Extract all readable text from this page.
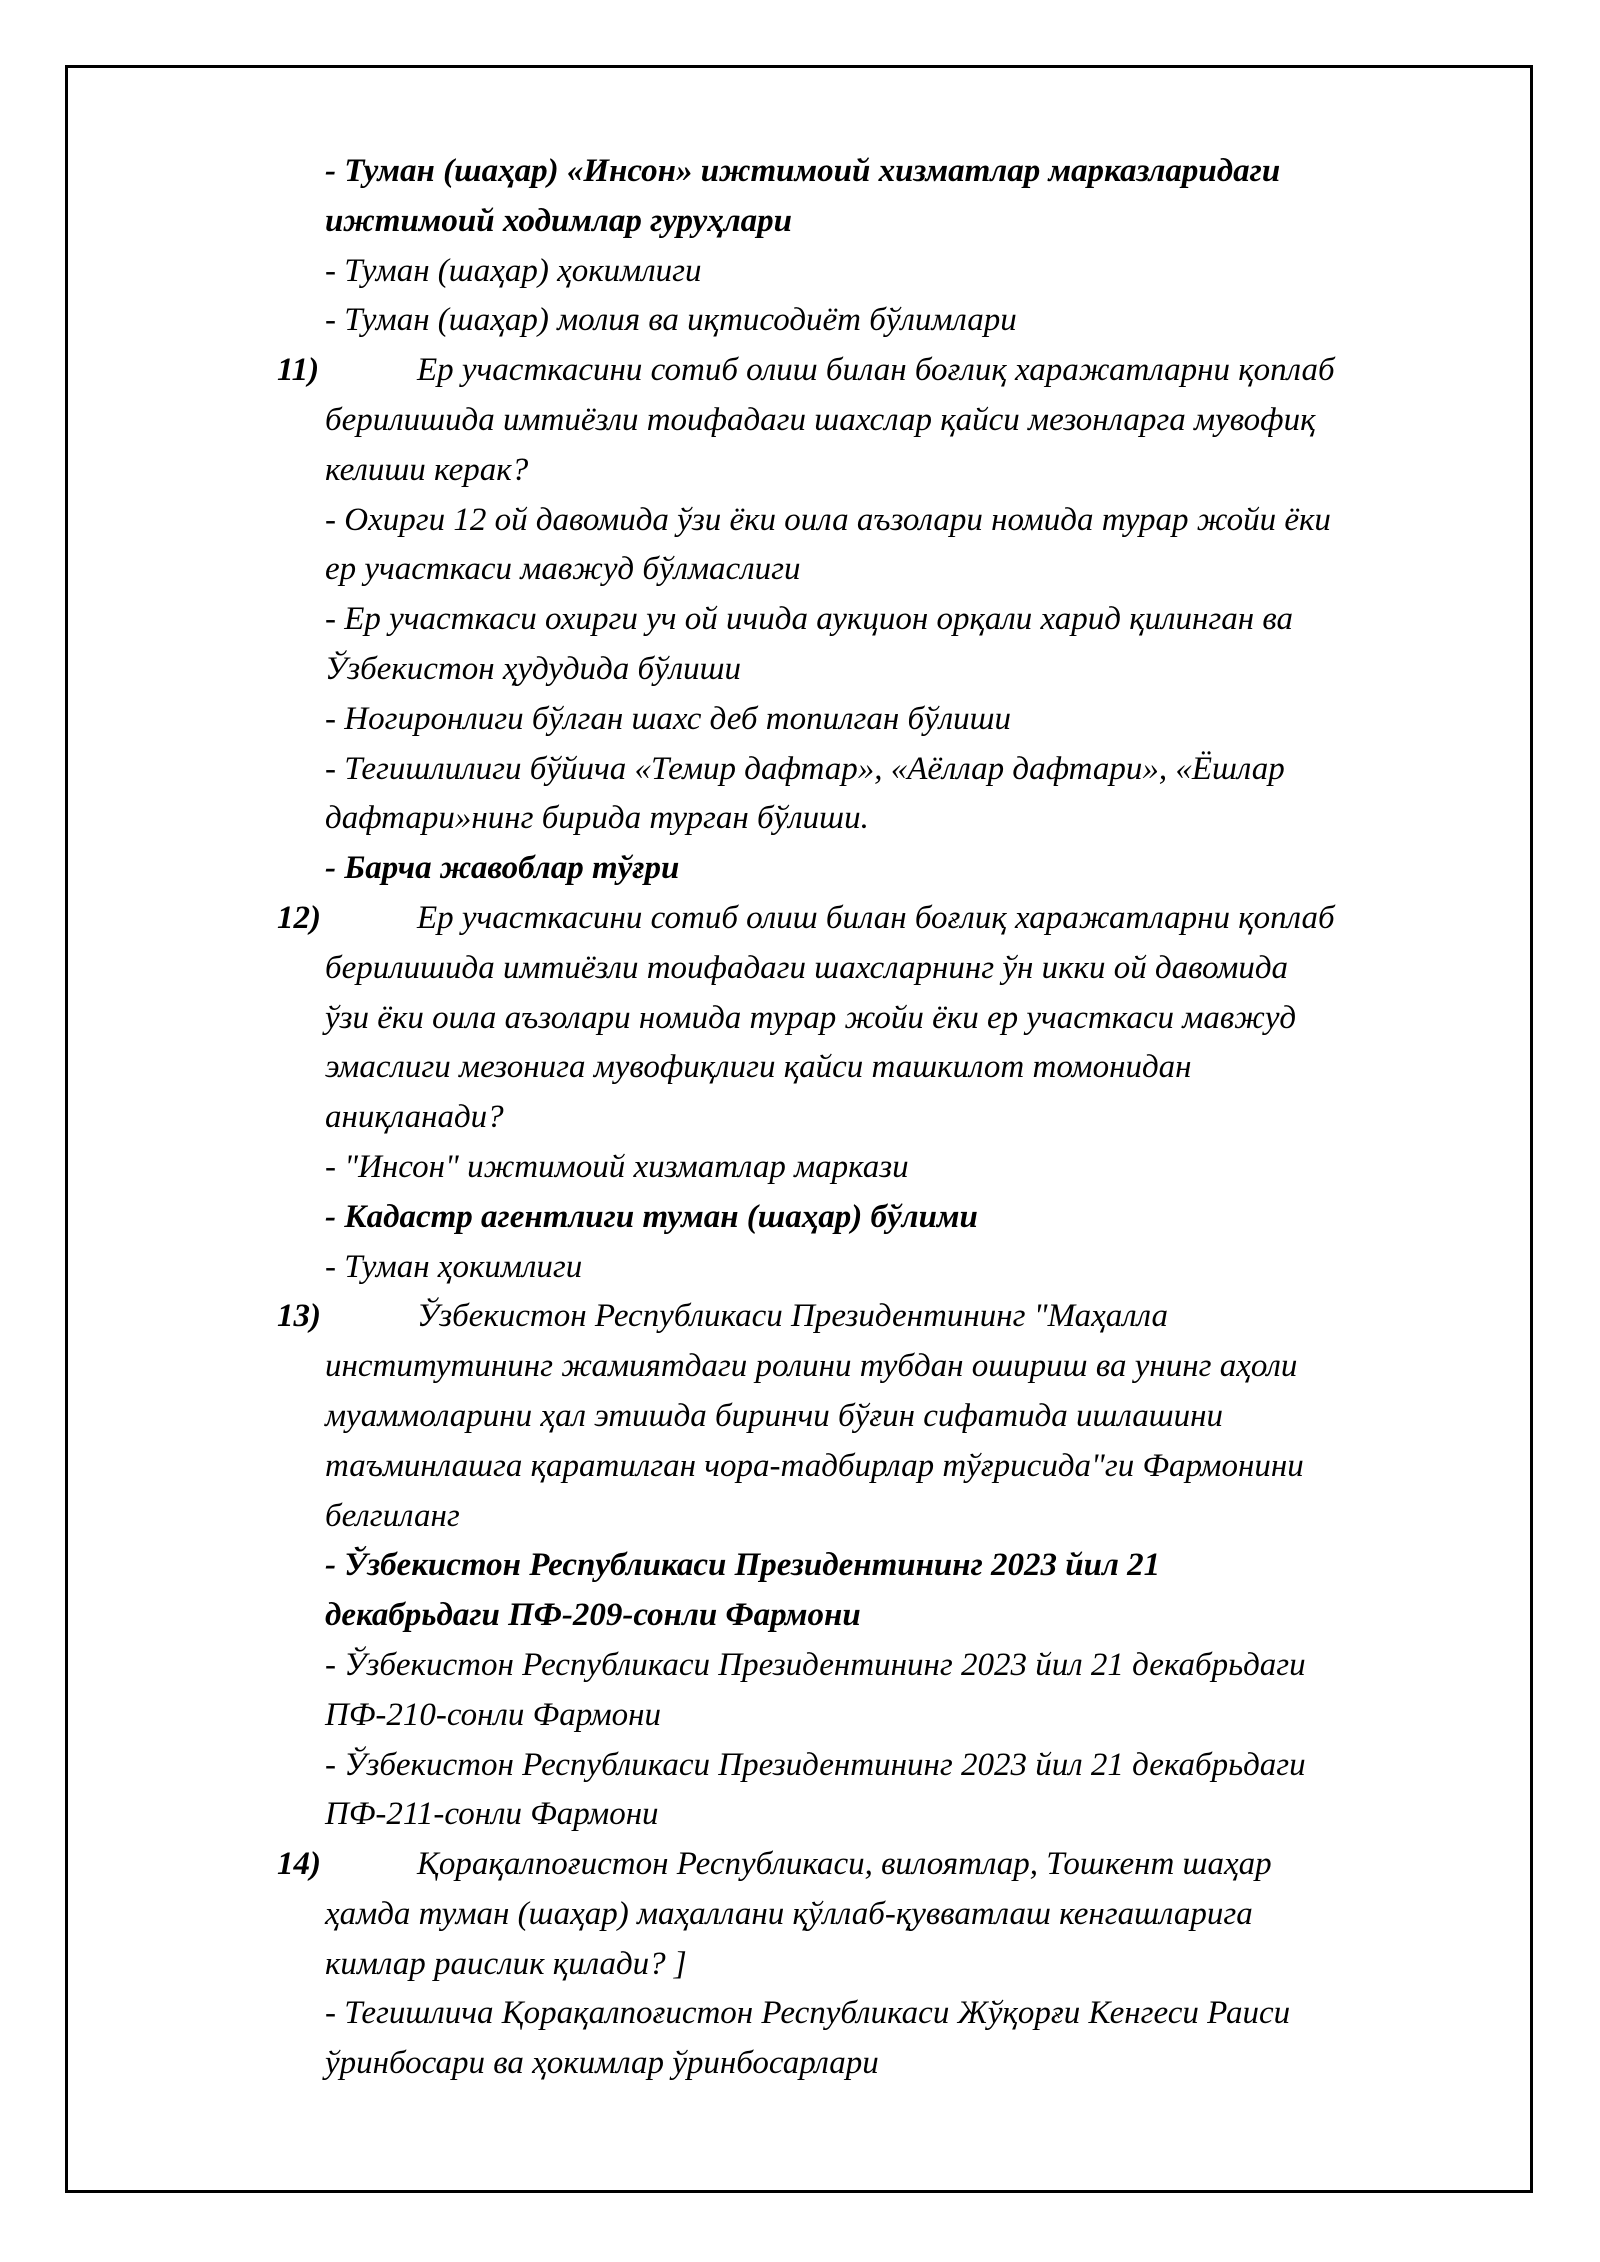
- Туман (шаҳар) «Инсон» ижтимоий хизматлар марказларидаги
ижтимоий ходимлар гуруҳлари
- Туман (шаҳар) ҳокимлиги
- Туман (шаҳар) молия ва иқтисодиёт бўлимлари
11)	Ер участкасини сотиб олиш билан боғлиқ харажатларни қоплаб
берилишида имтиёзли тоифадаги шахслар қайси мезонларга мувофиқ
келиши керак?
- Охирги 12 ой давомида ўзи ёки оила аъзолари номида турар жойи ёки
ер участкаси мавжуд бўлмаслиги
- Ер участкаси охирги уч ой ичида аукцион орқали харид қилинган ва
Ўзбекистон ҳудудида бўлиши
- Ногиронлиги бўлган шахс деб топилган бўлиши
- Тегишлилиги бўйича «Темир дафтар», «Аёллар дафтари», «Ёшлар
дафтари»нинг бирида турган бўлиши.
- Барча жавоблар тўғри
12)	Ер участкасини сотиб олиш билан боғлиқ харажатларни қоплаб
берилишида имтиёзли тоифадаги шахсларнинг ўн икки ой давомида
ўзи ёки оила аъзолари номида турар жойи ёки ер участкаси мавжуд
эмаслиги мезонига мувофиқлиги қайси ташкилот томонидан
аниқланади?
- "Инсон" ижтимоий хизматлар маркази
- Кадастр агентлиги туман (шаҳар) бўлими
- Туман ҳокимлиги
13)	Ўзбекистон Республикаси Президентининг "Маҳалла
институтининг жамиятдаги ролини тубдан ошириш ва унинг аҳоли
муаммоларини ҳал этишда биринчи бўғин сифатида ишлашини
таъминлашга қаратилган чора-тадбирлар тўғрисида"ги Фармонини
белгиланг
- Ўзбекистон Республикаси Президентининг 2023 йил 21
декабрьдаги ПФ-209-сонли Фармони
- Ўзбекистон Республикаси Президентининг 2023 йил 21 декабрьдаги
ПФ-210-сонли Фармони
- Ўзбекистон Республикаси Президентининг 2023 йил 21 декабрьдаги
ПФ-211-сонли Фармони
14)	Қорақалпоғистон Республикаси, вилоятлар, Тошкент шаҳар
ҳамда туман (шаҳар) маҳаллани қўллаб-қувватлаш кенгашларига
кимлар раислик қилади? ]
- Тегишлича Қорақалпоғистон Республикаси Жўқорғи Кенгеси Раиси
ўринбосари ва ҳокимлар ўринбосарлари
